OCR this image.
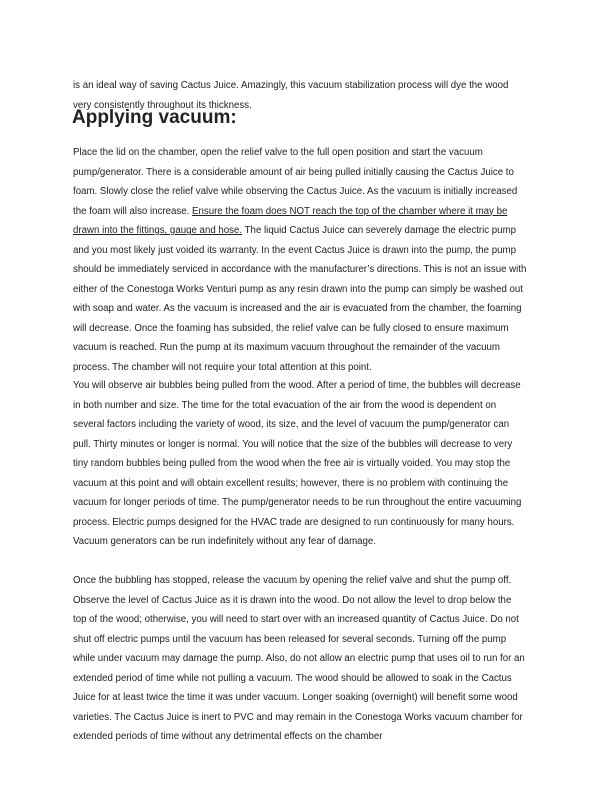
is an ideal way of saving Cactus Juice. Amazingly, this vacuum stabilization process will dye the wood
very consistently throughout its thickness.
Applying vacuum:
Place the lid on the chamber, open the relief valve to the full open position and start the vacuum
pump/generator. There is a considerable amount of air being pulled initially causing the Cactus Juice to
foam. Slowly close the relief valve while observing the Cactus Juice. As the vacuum is initially increased
the foam will also increase. Ensure the foam does NOT reach the top of the chamber where it may be
drawn into the fittings, gauge and hose. The liquid Cactus Juice can severely damage the electric pump
and you most likely just voided its warranty. In the event Cactus Juice is drawn into the pump, the pump
should be immediately serviced in accordance with the manufacturer’s directions. This is not an issue with
either of the Conestoga Works Venturi pump as any resin drawn into the pump can simply be washed out
with soap and water. As the vacuum is increased and the air is evacuated from the chamber, the foaming
will decrease. Once the foaming has subsided, the relief valve can be fully closed to ensure maximum
vacuum is reached. Run the pump at its maximum vacuum throughout the remainder of the vacuum
process. The chamber will not require your total attention at this point.
You will observe air bubbles being pulled from the wood. After a period of time, the bubbles will decrease
in both number and size. The time for the total evacuation of the air from the wood is dependent on
several factors including the variety of wood, its size, and the level of vacuum the pump/generator can
pull. Thirty minutes or longer is normal. You will notice that the size of the bubbles will decrease to very
tiny random bubbles being pulled from the wood when the free air is virtually voided. You may stop the
vacuum at this point and will obtain excellent results; however, there is no problem with continuing the
vacuum for longer periods of time. The pump/generator needs to be run throughout the entire vacuuming
process. Electric pumps designed for the HVAC trade are designed to run continuously for many hours.
Vacuum generators can be run indefinitely without any fear of damage.
Once the bubbling has stopped, release the vacuum by opening the relief valve and shut the pump off.
Observe the level of Cactus Juice as it is drawn into the wood. Do not allow the level to drop below the
top of the wood; otherwise, you will need to start over with an increased quantity of Cactus Juice. Do not
shut off electric pumps until the vacuum has been released for several seconds. Turning off the pump
while under vacuum may damage the pump. Also, do not allow an electric pump that uses oil to run for an
extended period of time while not pulling a vacuum. The wood should be allowed to soak in the Cactus
Juice for at least twice the time it was under vacuum. Longer soaking (overnight) will benefit some wood
varieties. The Cactus Juice is inert to PVC and may remain in the Conestoga Works vacuum chamber for
extended periods of time without any detrimental effects on the chamber
